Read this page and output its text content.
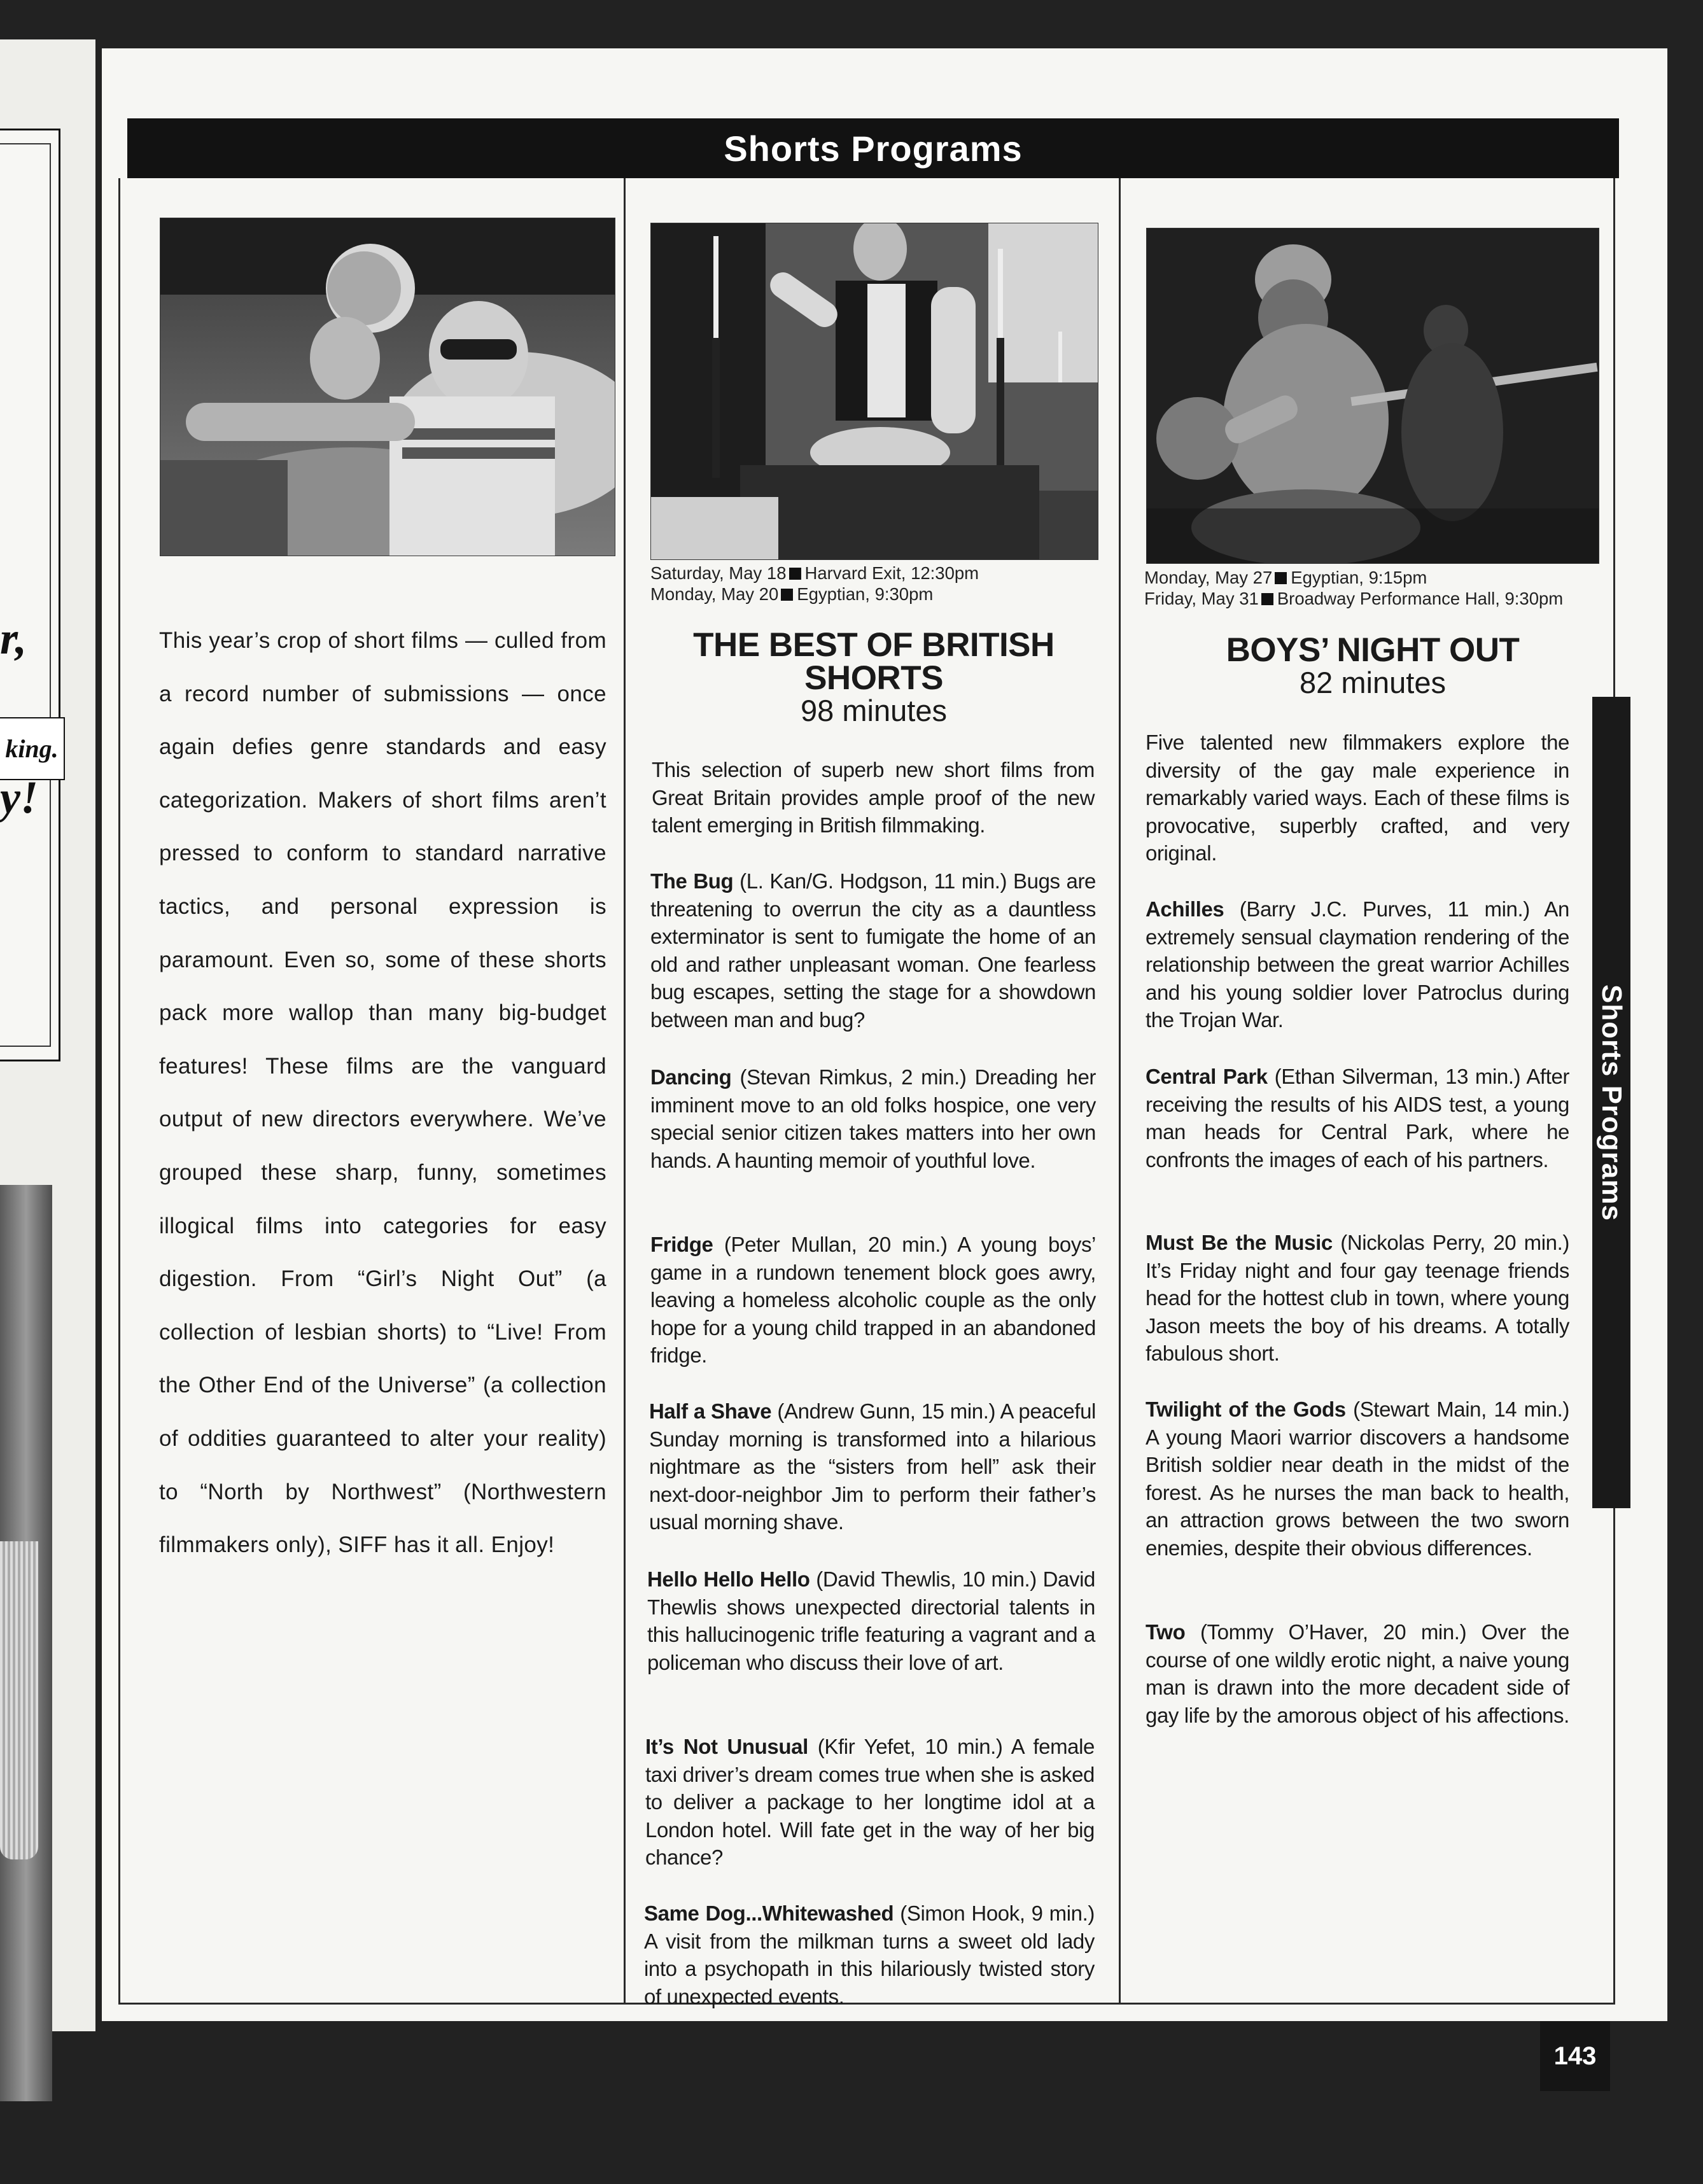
r,
king.
y!
Shorts Programs

This year’s crop of short films — culled from a record number of submissions — once again defies genre standards and easy categorization. Makers of short films aren’t pressed to conform to standard narrative tactics, and personal expression is paramount. Even so, some of these shorts pack more wallop than many big-budget features! These films are the vanguard output of new directors everywhere. We’ve grouped these sharp, funny, sometimes illogical films into categories for easy digestion. From “Girl’s Night Out” (a collection of lesbian shorts) to “Live! From the Other End of the Universe” (a collection of oddities guaranteed to alter your reality) to “North by Northwest” (Northwestern filmmakers only), SIFF has it all. Enjoy!

Saturday, May 18 Harvard Exit, 12:30pm
Monday, May 20 Egyptian, 9:30pm
THE BEST OF BRITISH
SHORTS
98 minutes

This selection of superb new short films from Great Britain provides ample proof of the new talent emerging in British filmmaking.

The Bug (L. Kan/G. Hodgson, 11 min.) Bugs are threatening to overrun the city as a dauntless exterminator is sent to fumigate the home of an old and rather unpleasant woman. One fearless bug escapes, setting the stage for a showdown between man and bug?

Dancing (Stevan Rimkus, 2 min.) Dreading her imminent move to an old folks hospice, one very special senior citizen takes matters into her own hands. A haunting memoir of youthful love.

Fridge (Peter Mullan, 20 min.) A young boys’ game in a rundown tenement block goes awry, leaving a homeless alcoholic couple as the only hope for a young child trapped in an abandoned fridge.

Half a Shave (Andrew Gunn, 15 min.) A peaceful Sunday morning is transformed into a hilarious nightmare as the “sisters from hell” ask their next-door-neighbor Jim to perform their father’s usual morning shave.

Hello Hello Hello (David Thewlis, 10 min.) David Thewlis shows unexpected directorial talents in this hallucinogenic trifle featuring a vagrant and a policeman who discuss their love of art.

It’s Not Unusual (Kfir Yefet, 10 min.) A female taxi driver’s dream comes true when she is asked to deliver a package to her longtime idol at a London hotel. Will fate get in the way of her big chance?

Same Dog...Whitewashed (Simon Hook, 9 min.) A visit from the milkman turns a sweet old lady into a psychopath in this hilariously twisted story of unexpected events.

Monday, May 27 Egyptian, 9:15pm
Friday, May 31 Broadway Performance Hall, 9:30pm
BOYS’ NIGHT OUT
82 minutes

Five talented new filmmakers explore the diversity of the gay male experience in remarkably varied ways. Each of these films is provocative, superbly crafted, and very original.

Achilles (Barry J.C. Purves, 11 min.) An extremely sensual claymation rendering of the relationship between the great warrior Achilles and his young soldier lover Patroclus during the Trojan War.

Central Park (Ethan Silverman, 13 min.) After receiving the results of his AIDS test, a young man heads for Central Park, where he confronts the images of each of his partners.

Must Be the Music (Nickolas Perry, 20 min.) It’s Friday night and four gay teenage friends head for the hottest club in town, where young Jason meets the boy of his dreams. A totally fabulous short.

Twilight of the Gods (Stewart Main, 14 min.) A young Maori warrior discovers a handsome British soldier near death in the midst of the forest. As he nurses the man back to health, an attraction grows between the two sworn enemies, despite their obvious differences.

Two (Tommy O’Haver, 20 min.) Over the course of one wildly erotic night, a naive young man is drawn into the more decadent side of gay life by the amorous object of his affections.

Shorts Programs
143
